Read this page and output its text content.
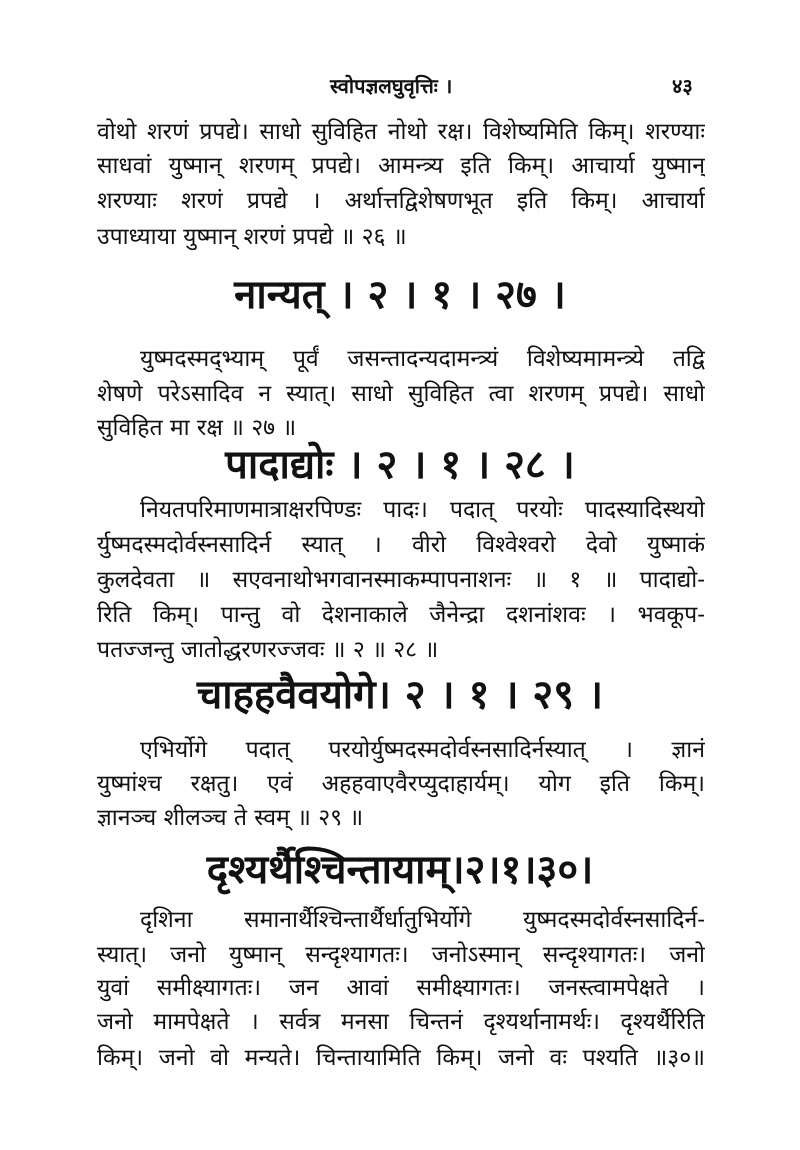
स्वोपज्ञलघुवृत्तिः ।	४३
वोथो शरणं प्रपद्ये। साधो सुविहित नोथो रक्ष। विशेष्यमिति किम्। शरण्याः
साधवां युष्मान् शरणम् प्रपद्ये। आमन्त्र्य इति किम्। आचार्या युष्मान्
शरण्याः शरणं प्रपद्ये । अर्थात्तद्विशेषणभूत इति किम्। आचार्या
उपाध्याया युष्मान् शरणं प्रपद्ये ॥ २६ ॥
नान्यत् । २ । १ । २७ ।
युष्मदस्मद्भ्याम् पूर्वं जसन्तादन्यदामन्त्र्यं विशेष्यमामन्त्र्ये तद्वि
शेषणे परेऽसादिव न स्यात्। साधो सुविहित त्वा शरणम् प्रपद्ये। साधो
सुविहित मा रक्ष ॥ २७ ॥
पादाद्योः । २ । १ । २८ ।
नियतपरिमाणमात्राक्षरपिण्डः पादः। पदात् परयोः पादस्यादिस्थयो
र्युष्मदस्मदोर्वस्नसादिर्न स्यात् । वीरो विश्वेश्वरो देवो युष्माकं
कुलदेवता ॥ सएवनाथोभगवानस्माकम्पापनाशनः ॥ १ ॥ पादाद्यो-
रिति किम्। पान्तु वो देशनाकाले जैनेन्द्रा दशनांशवः । भवकूप-
पतज्जन्तु जातोद्धरणरज्जवः ॥ २ ॥ २८ ॥
चाहहवैवयोगे। २ । १ । २९ ।
एभिर्योगे पदात् परयोर्युष्मदस्मदोर्वस्नसादिर्नस्यात् । ज्ञानं
युष्मांश्च रक्षतु। एवं अहहवाएवैरप्युदाहार्यम्। योग इति किम्।
ज्ञानञ्च शीलञ्च ते स्वम् ॥ २९ ॥
दृश्यर्थैश्चिन्तायाम्।२।१।३०।
दृशिना समानार्थैश्चिन्तार्थैर्धातुभिर्योगे युष्मदस्मदोर्वस्नसादिर्न-
स्यात्। जनो युष्मान् सन्दृश्यागतः। जनोऽस्मान् सन्दृश्यागतः। जनो
युवां समीक्ष्यागतः। जन आवां समीक्ष्यागतः। जनस्त्वामपेक्षते ।
जनो मामपेक्षते । सर्वत्र मनसा चिन्तनं दृश्यर्थानामर्थः। दृश्यर्थैरिति
किम्। जनो वो मन्यते। चिन्तायामिति किम्। जनो वः पश्यति ॥३०॥
